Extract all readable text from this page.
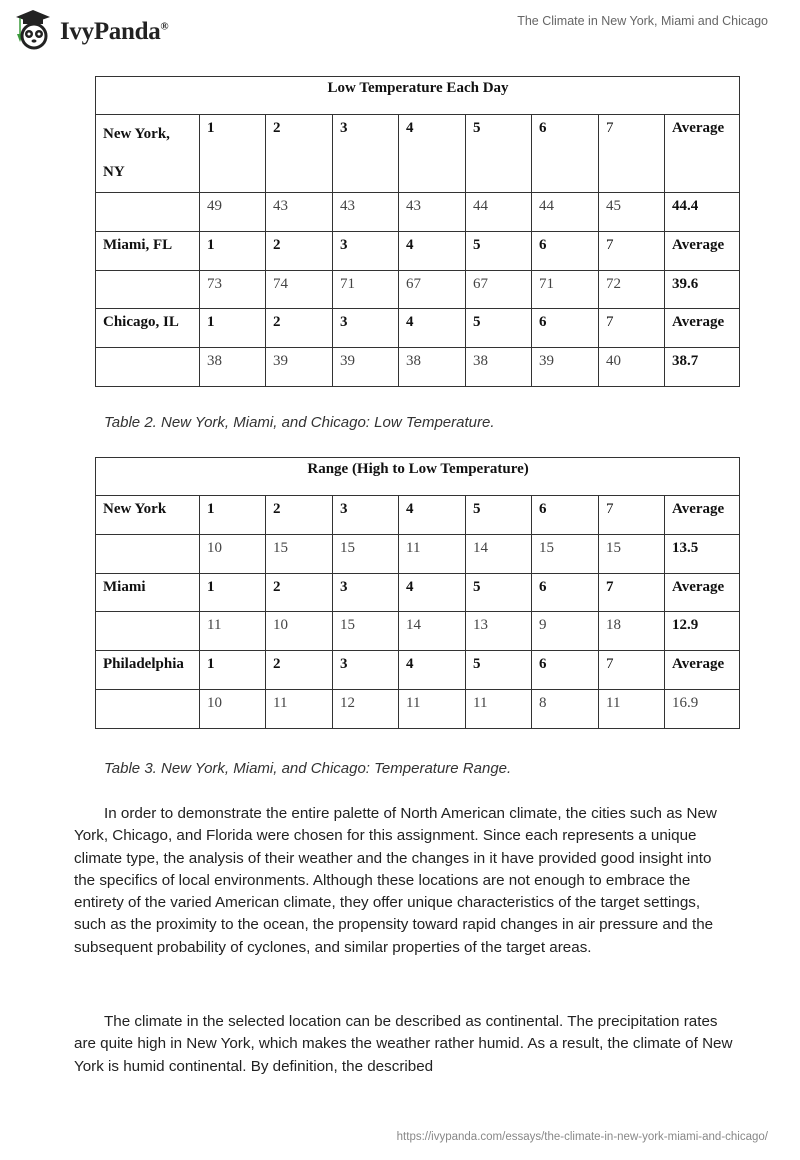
IvyPanda®	The Climate in New York, Miami and Chicago
Low Temperature Each Day								
New York, NY	1	2	3	4	5	6	7	Average
	49	43	43	43	44	44	45	44.4
Miami, FL	1	2	3	4	5	6	7	Average
	73	74	71	67	67	71	72	39.6
Chicago, IL	1	2	3	4	5	6	7	Average
	38	39	39	38	38	39	40	38.7
Table 2. New York, Miami, and Chicago: Low Temperature.
Range (High to Low Temperature)								
New York	1	2	3	4	5	6	7	Average
	10	15	15	11	14	15	15	13.5
Miami	1	2	3	4	5	6	7	Average
	11	10	15	14	13	9	18	12.9
Philadelphia	1	2	3	4	5	6	7	Average
	10	11	12	11	11	8	11	16.9
Table 3. New York, Miami, and Chicago: Temperature Range.

In order to demonstrate the entire palette of North American climate, the cities such as New York, Chicago, and Florida were chosen for this assignment. Since each represents a unique climate type, the analysis of their weather and the changes in it have provided good insight into the specifics of local environments. Although these locations are not enough to embrace the entirety of the varied American climate, they offer unique characteristics of the target settings, such as the proximity to the ocean, the propensity toward rapid changes in air pressure and the subsequent probability of cyclones, and similar properties of the target areas.

The climate in the selected location can be described as continental. The precipitation rates are quite high in New York, which makes the weather rather humid. As a result, the climate of New York is humid continental. By definition, the described

https://ivypanda.com/essays/the-climate-in-new-york-miami-and-chicago/
